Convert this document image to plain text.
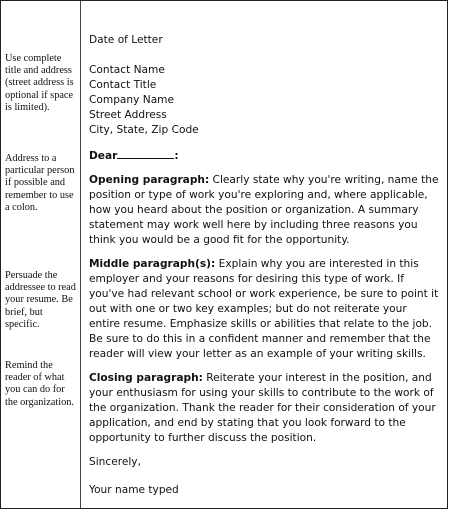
Use complete title and address (street address is optional if space is limited).

Address to a particular person if possible and remember to use a colon.

Persuade the addressee to read your resume. Be brief, but specific.

Remind the reader of what you can do for the organization.

Date of Letter

Contact Name

Contact Title

Company Name

Street Address

City, State, Zip Code

Dear	:

Opening paragraph: Clearly state why you're writing, name the position or type of work you're exploring and, where applicable, how you heard about the position or organization. A summary statement may work well here by including three reasons you think you would be a good fit for the opportunity.

Middle paragraph(s): Explain why you are interested in this employer and your reasons for desiring this type of work. If you've had relevant school or work experience, be sure to point it out with one or two key examples; but do not reiterate your entire resume. Emphasize skills or abilities that relate to the job. Be sure to do this in a confident manner and remember that the reader will view your letter as an example of your writing skills.

Closing paragraph: Reiterate your interest in the position, and your enthusiasm for using your skills to contribute to the work of the organization. Thank the reader for their consideration of your application, and end by stating that you look forward to the opportunity to further discuss the position.

Sincerely,

Your name typed
